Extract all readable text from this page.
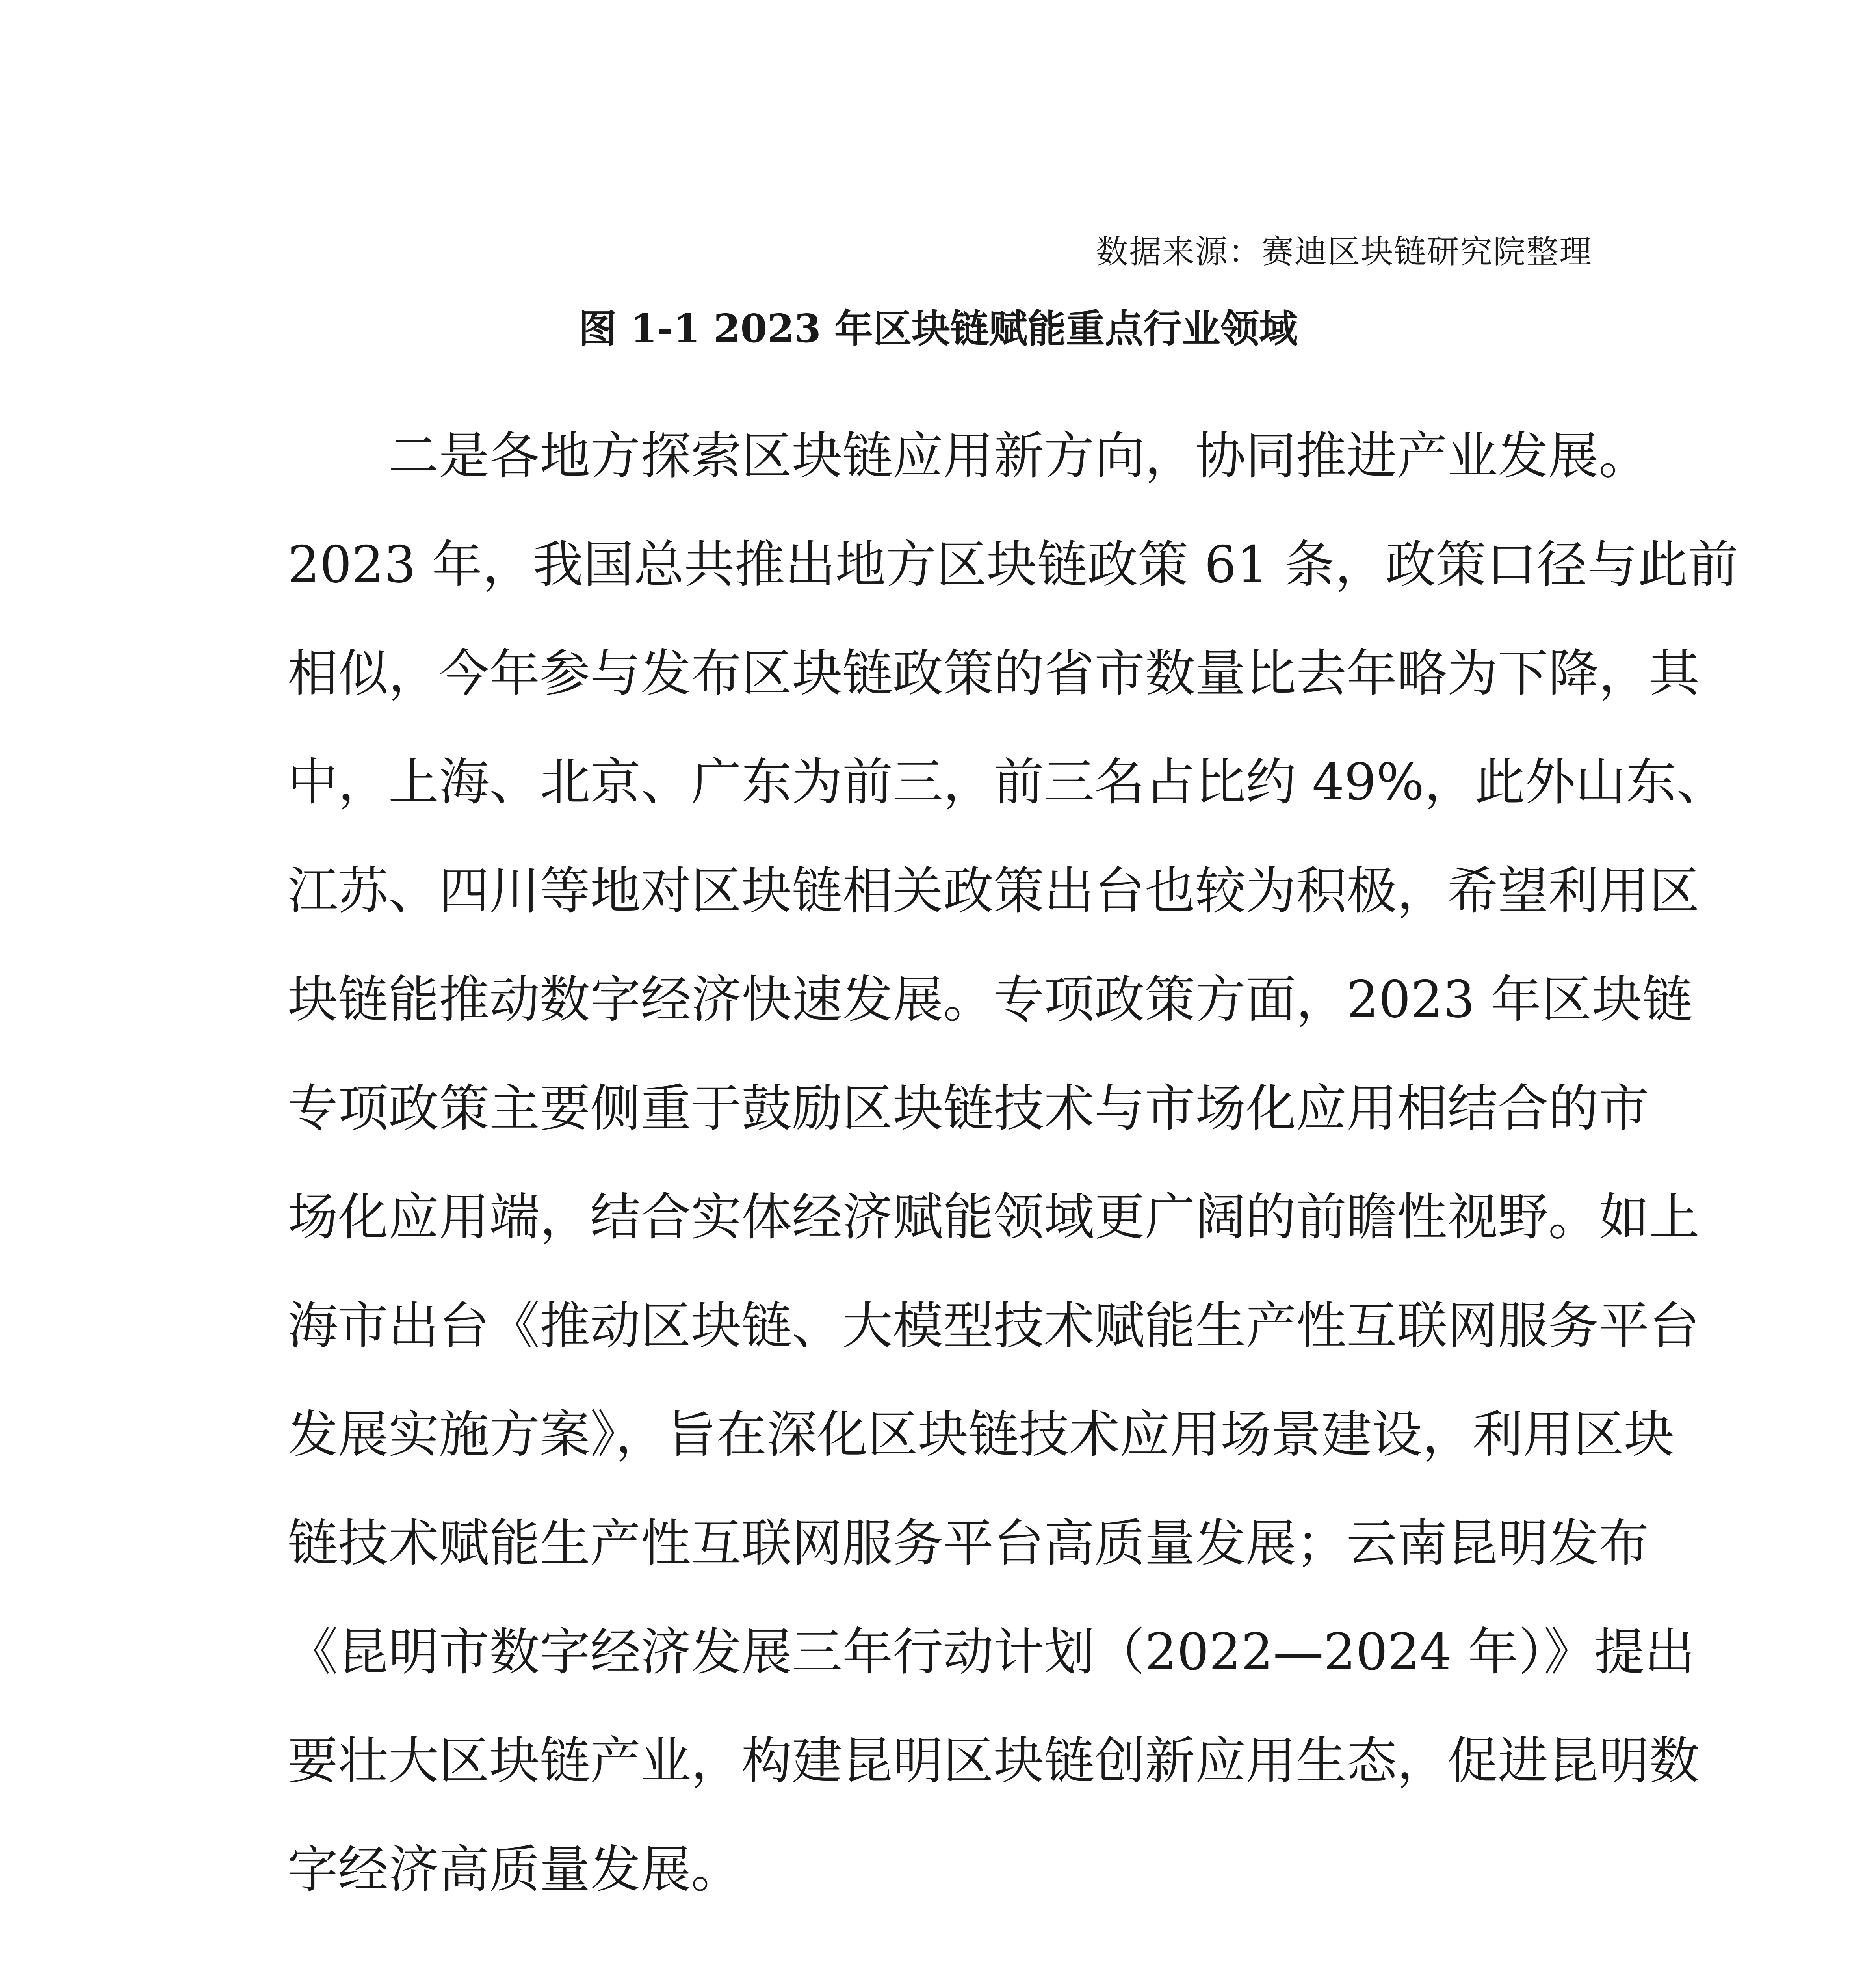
数据来源：赛迪区块链研究院整理
图 1-1 2023 年区块链赋能重点行业领域
二是各地方探索区块链应用新方向，协同推进产业发展。
2023 年，我国总共推出地方区块链政策 61 条，政策口径与此前
相似，今年参与发布区块链政策的省市数量比去年略为下降，其
中，上海、北京、广东为前三，前三名占比约 49%，此外山东、
江苏、四川等地对区块链相关政策出台也较为积极，希望利用区
块链能推动数字经济快速发展。专项政策方面，2023 年区块链
专项政策主要侧重于鼓励区块链技术与市场化应用相结合的市
场化应用端，结合实体经济赋能领域更广阔的前瞻性视野。如上
海市出台《推动区块链、大模型技术赋能生产性互联网服务平台
发展实施方案》，旨在深化区块链技术应用场景建设，利用区块
链技术赋能生产性互联网服务平台高质量发展；云南昆明发布
《昆明市数字经济发展三年行动计划（2022—2024 年）》提出
要壮大区块链产业，构建昆明区块链创新应用生态，促进昆明数
字经济高质量发展。
